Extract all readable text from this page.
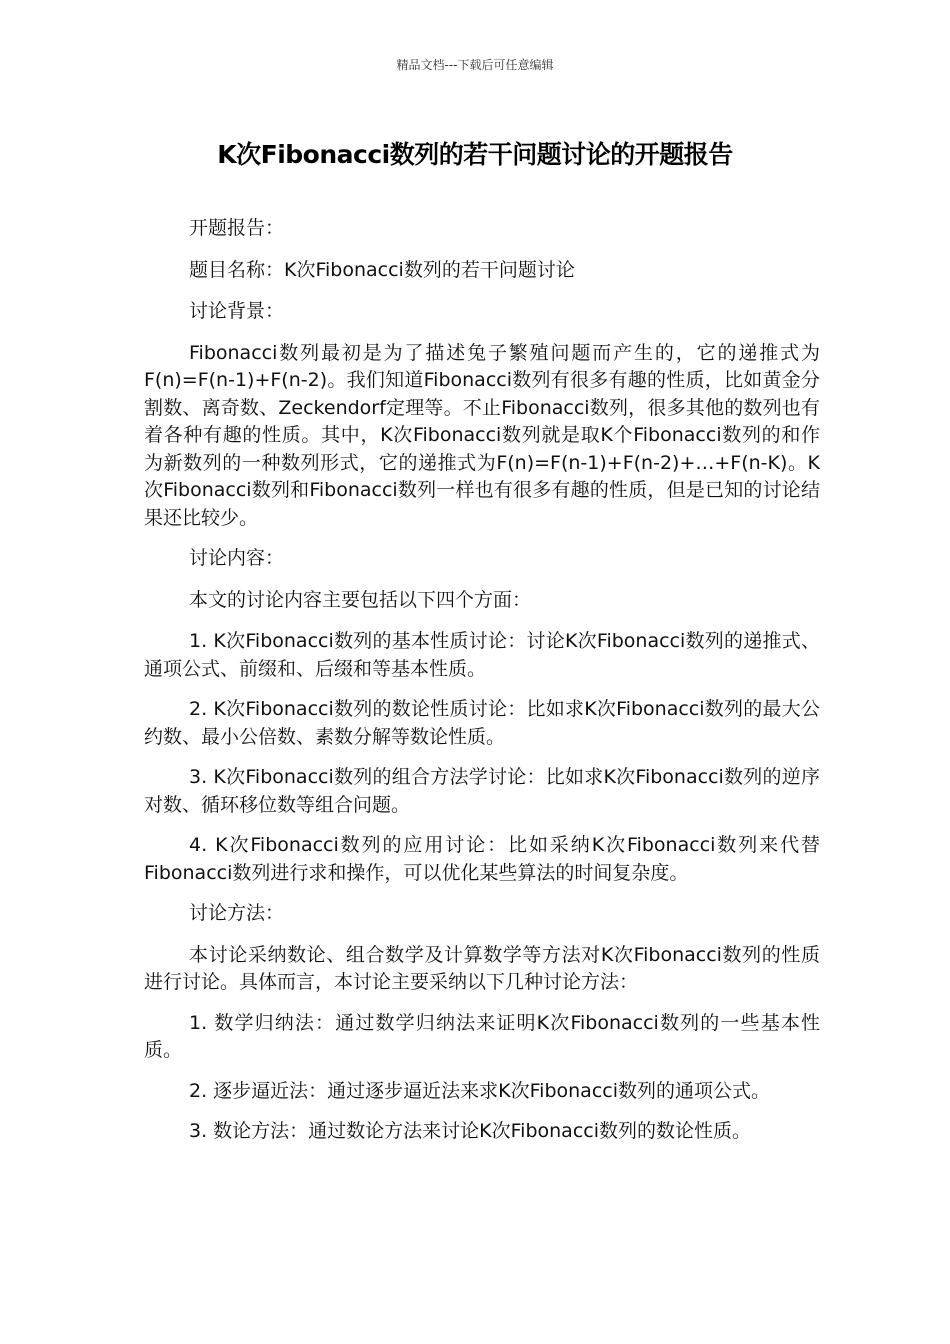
精品文档---下载后可任意编辑
K次Fibonacci数列的若干问题讨论的开题报告

开题报告：

题目名称：K次Fibonacci数列的若干问题讨论

讨论背景：

Fibonacci数列最初是为了描述兔子繁殖问题而产生的，它的递推式为F(n)=F(n-1)+F(n-2)。我们知道Fibonacci数列有很多有趣的性质，比如黄金分割数、离奇数、Zeckendorf定理等。不止Fibonacci数列，很多其他的数列也有着各种有趣的性质。其中，K次Fibonacci数列就是取K个Fibonacci数列的和作为新数列的一种数列形式，它的递推式为F(n)=F(n-1)+F(n-2)+…+F(n-K)。K次Fibonacci数列和Fibonacci数列一样也有很多有趣的性质，但是已知的讨论结果还比较少。

讨论内容：

本文的讨论内容主要包括以下四个方面：

1. K次Fibonacci数列的基本性质讨论：讨论K次Fibonacci数列的递推式、通项公式、前缀和、后缀和等基本性质。

2. K次Fibonacci数列的数论性质讨论：比如求K次Fibonacci数列的最大公约数、最小公倍数、素数分解等数论性质。

3. K次Fibonacci数列的组合方法学讨论：比如求K次Fibonacci数列的逆序对数、循环移位数等组合问题。

4. K次Fibonacci数列的应用讨论：比如采纳K次Fibonacci数列来代替Fibonacci数列进行求和操作，可以优化某些算法的时间复杂度。

讨论方法：

本讨论采纳数论、组合数学及计算数学等方法对K次Fibonacci数列的性质进行讨论。具体而言，本讨论主要采纳以下几种讨论方法：

1. 数学归纳法：通过数学归纳法来证明K次Fibonacci数列的一些基本性质。

2. 逐步逼近法：通过逐步逼近法来求K次Fibonacci数列的通项公式。

3. 数论方法：通过数论方法来讨论K次Fibonacci数列的数论性质。
